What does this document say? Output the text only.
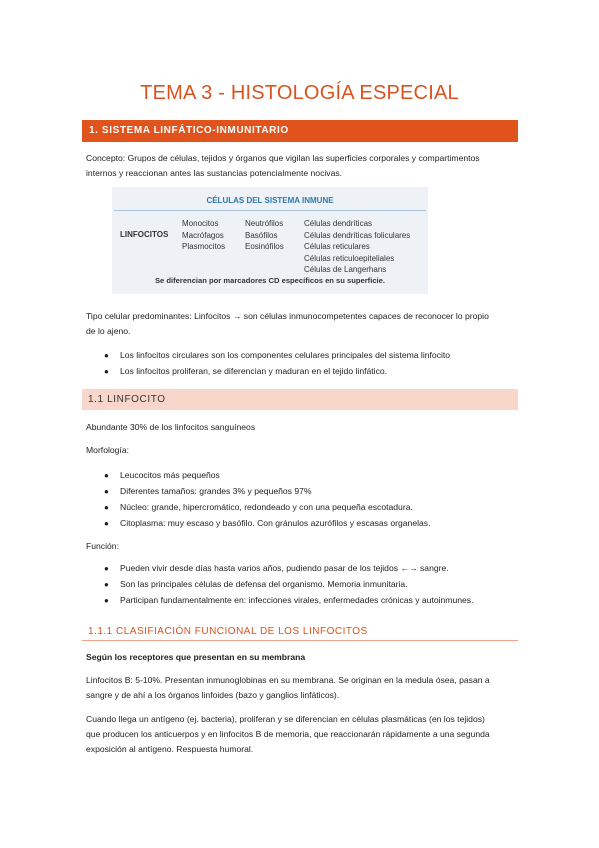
TEMA 3 - HISTOLOGÍA ESPECIAL
1. SISTEMA LINFÁTICO-INMUNITARIO
Concepto: Grupos de células, tejidos y órganos que vigilan las superficies corporales y compartimentos
internos y reaccionan antes las sustancias potencialmente nocivas.
CÉLULAS DEL SISTEMA INMUNE
LINFOCITOS
Monocitos
Macrófagos
Plasmocitos
Neutrófilos
Basófilos
Eosinófilos
Células dendríticas
Células dendríticas foliculares
Células reticulares
Células reticuloepiteliales
Células de Langerhans
Se diferencian por marcadores CD específicos en su superficie.
Tipo celular predominantes: Linfocitos → son células inmunocompetentes capaces de reconocer lo propio
de lo ajeno.
● Los linfocitos circulares son los componentes celulares principales del sistema linfocito
● Los linfocitos proliferan, se diferencian y maduran en el tejido linfático.
1.1 LINFOCITO
Abundante 30% de los linfocitos sanguíneos
Morfología:
● Leucocitos más pequeños
● Diferentes tamaños: grandes 3% y pequeños 97%
● Núcleo: grande, hipercromático, redondeado y con una pequeña escotadura.
● Citoplasma: muy escaso y basófilo. Con gránulos azurófilos y escasas organelas.
Función:
● Pueden vivir desde días hasta varios años, pudiendo pasar de los tejidos ←→ sangre.
● Son las principales células de defensa del organismo. Memoria inmunitaria.
● Participan fundamentalmente en: infecciones virales, enfermedades crónicas y autoinmunes.
1.1.1 CLASIFIACIÓN FUNCIONAL DE LOS LINFOCITOS
Según los receptores que presentan en su membrana
Linfocitos B: 5-10%. Presentan inmunoglobinas en su membrana. Se originan en la medula ósea, pasan a
sangre y de ahí a los órganos linfoides (bazo y ganglios linfáticos).
Cuando llega un antígeno (ej. bacteria), proliferan y se diferencian en células plasmáticas (en los tejidos)
que producen los anticuerpos y en linfocitos B de memoria, que reaccionarán rápidamente a una segunda
exposición al antígeno. Respuesta humoral.
